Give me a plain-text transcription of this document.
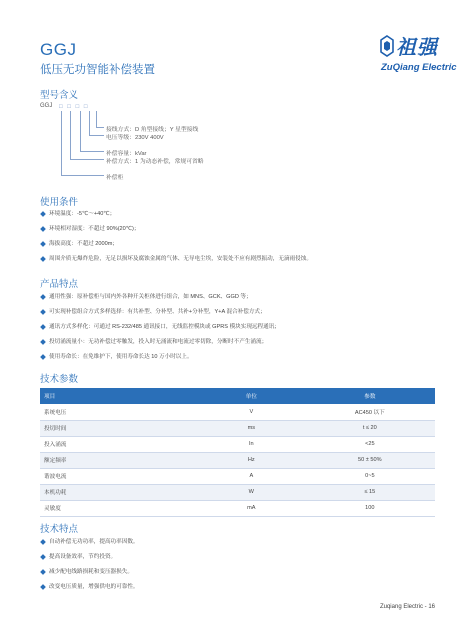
GGJ
低压无功智能补偿装置
祖强
ZuQiang Electric
型号含义
GGJ □ □ □ □
接线方式：D 角型接线；Y 星型接线
电压等级：230V 400V
补偿容量：kVar
补偿方式：1 为动态补偿，常规可省略
补偿柜
使用条件
环境温度：-5℃～+40℃；
环境相对湿度：不超过 90%(20℃)；
海拔高度：不超过 2000m；
周围介质无爆炸危险，无足以损坏及腐蚀金属的气体、无导电尘埃，安装处不应有剧烈振动，无滴雨侵蚀。
产品特点
通用性强：原补偿柜与国内外各种开关柜体进行组合，如 MNS、GCK、GGD 等；
可实现补偿组合方式多样选择：有共补型、分补型、共补+分补型，Y+A 混合补偿方式；
通讯方式多样化：可通过 RS-232/485 通讯接口，无线监控模块或 GPRS 模块实现远程通讯；
投切涌流量小：无功补偿过零触发，投入时无涌流和电流过零切除，分断时不产生涌流；
使用寿命长：在免维护下，使用寿命长达 10 万小时以上。
技术参数
项目	单位	参数
系统电压	V	AC450 以下
投切时间	ms	t ≤ 20
投入涌流	In	<25
额定频率	Hz	50 ± 50%
谐波电流	A	0~5
本机功耗	W	≤ 15
灵敏度	mA	100
技术特点
自动补偿无功功率，提高功率因数。
提高设备效率，节约投资。
减少配电线路损耗和变压器损失。
改变电压质量，增强供电的可靠性。
Zuqiang Electric - 16
